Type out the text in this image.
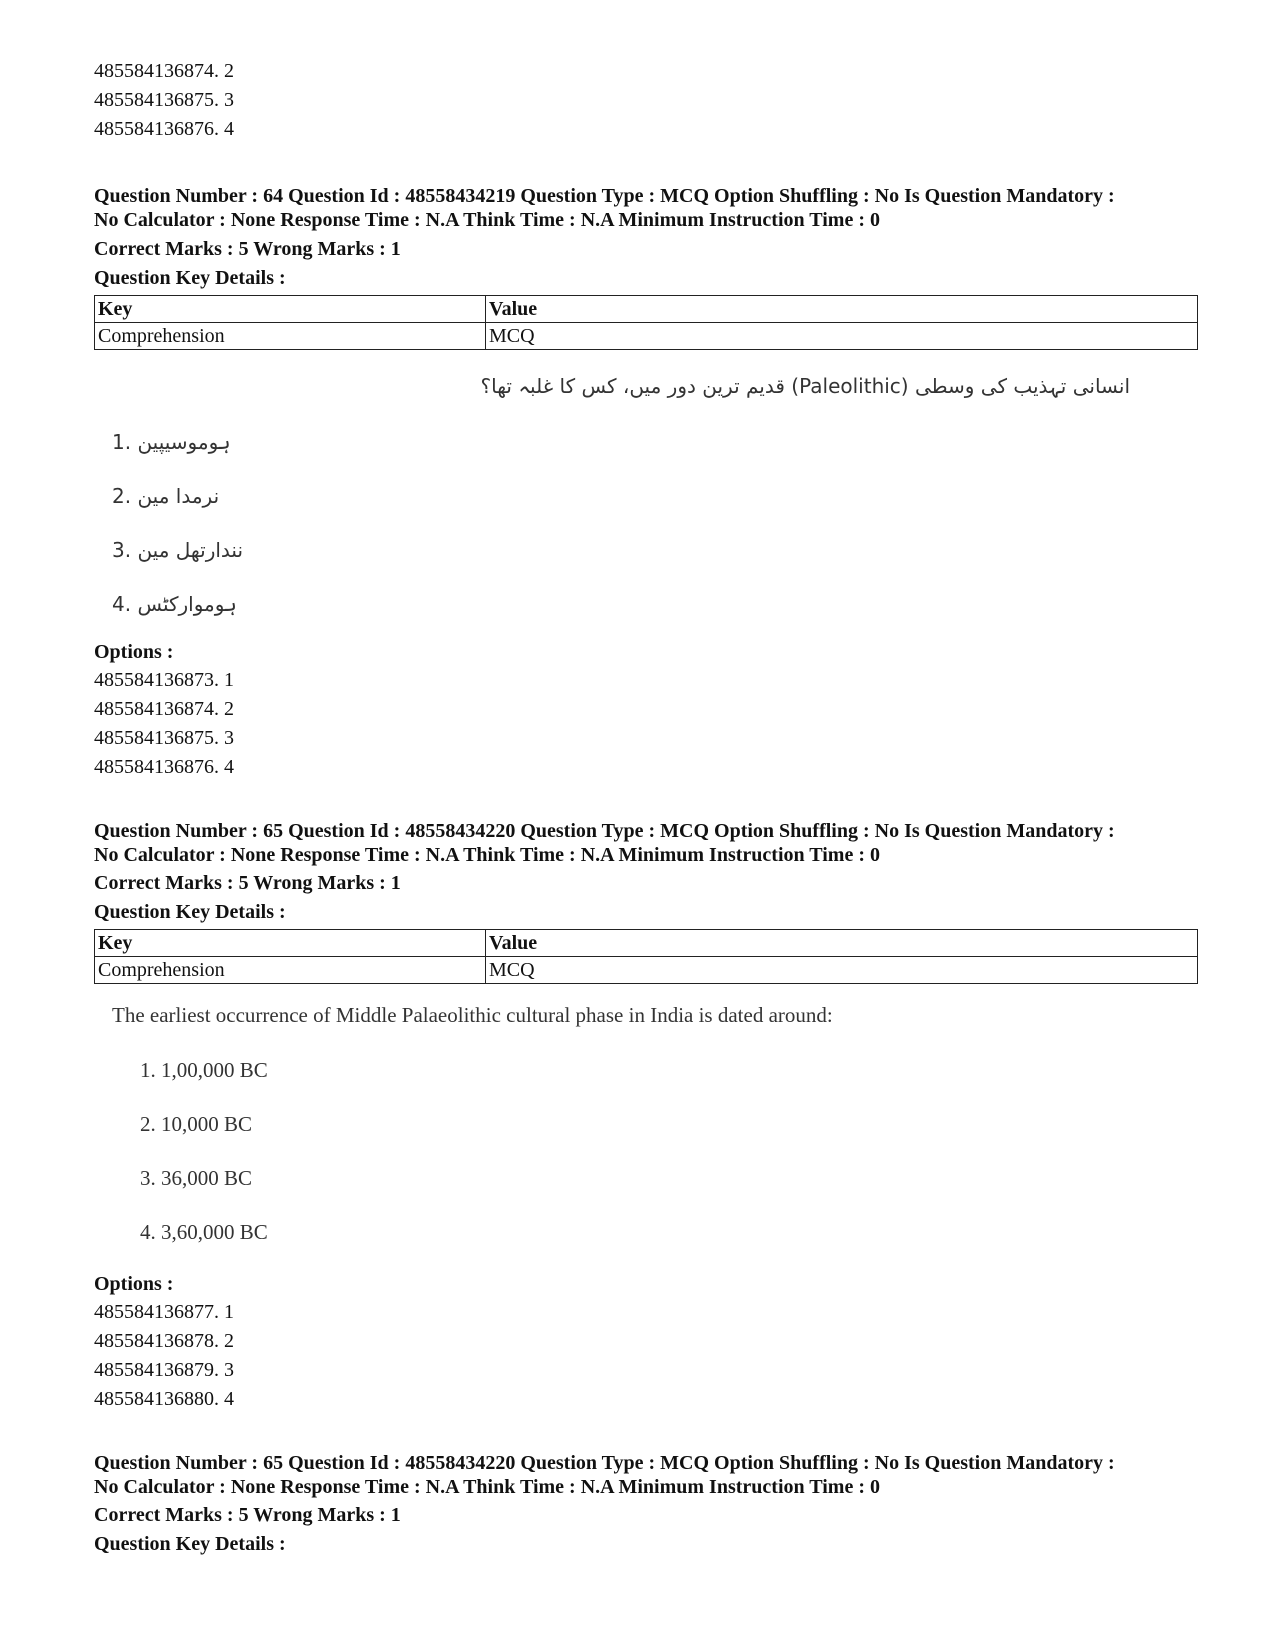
485584136874. 2
485584136875. 3
485584136876. 4
Question Number : 64 Question Id : 48558434219 Question Type : MCQ Option Shuffling : No Is Question Mandatory :
No Calculator : None Response Time : N.A Think Time : N.A Minimum Instruction Time : 0
Correct Marks : 5 Wrong Marks : 1
Question Key Details :
Key	Value
Comprehension	MCQ
انسانی تہذیب کی وسطی (Paleolithic) قدیم ترین دور میں، کس کا غلبہ تھا؟
1. ہوموسیپین
2. نرمدا مین
3. نندارتھل مین
4. ہوموارکٹس
Options :
485584136873. 1
485584136874. 2
485584136875. 3
485584136876. 4
Question Number : 65 Question Id : 48558434220 Question Type : MCQ Option Shuffling : No Is Question Mandatory :
No Calculator : None Response Time : N.A Think Time : N.A Minimum Instruction Time : 0
Correct Marks : 5 Wrong Marks : 1
Question Key Details :
Key	Value
Comprehension	MCQ
The earliest occurrence of Middle Palaeolithic cultural phase in India is dated around:
1. 1,00,000 BC
2. 10,000 BC
3. 36,000 BC
4. 3,60,000 BC
Options :
485584136877. 1
485584136878. 2
485584136879. 3
485584136880. 4
Question Number : 65 Question Id : 48558434220 Question Type : MCQ Option Shuffling : No Is Question Mandatory :
No Calculator : None Response Time : N.A Think Time : N.A Minimum Instruction Time : 0
Correct Marks : 5 Wrong Marks : 1
Question Key Details :
